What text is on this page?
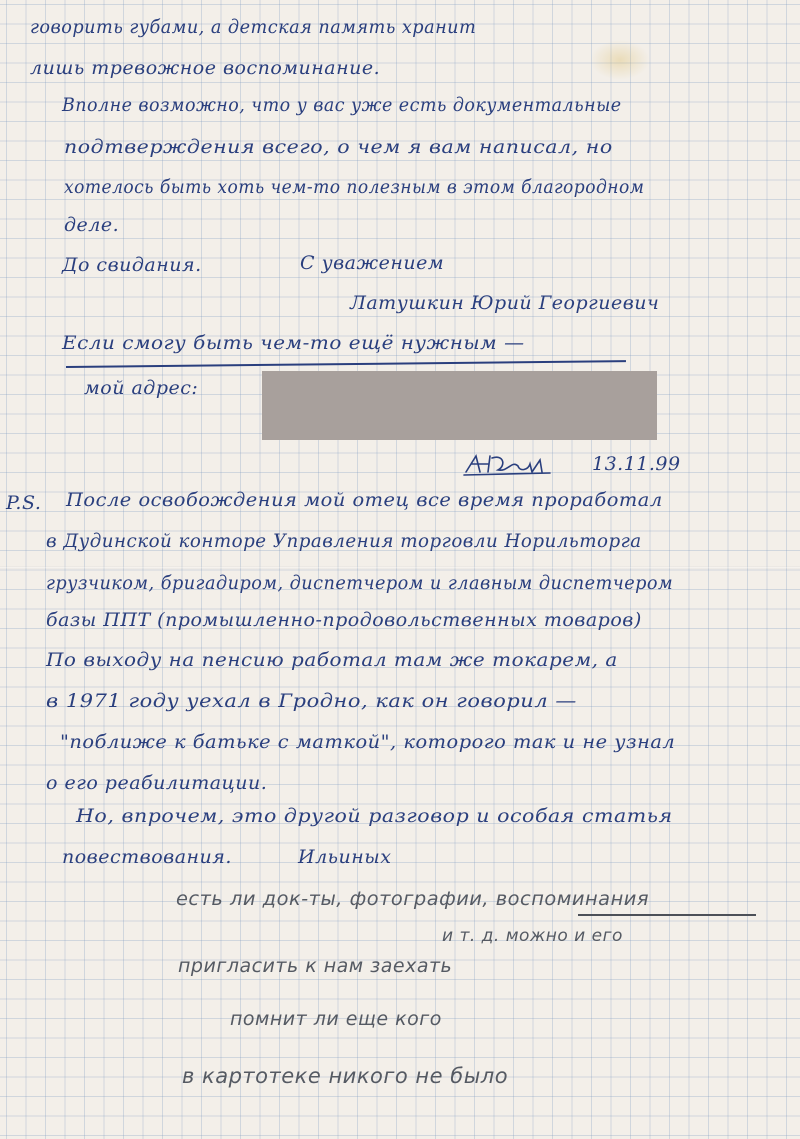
говорить губами, а детская память хранит
лишь тревожное воспоминание.
Вполне возможно, что у вас уже есть документальные
подтверждения всего, о чем я вам написал, но
хотелось быть хоть чем-то полезным в этом благородном
деле.
До свидания.	С уважением
Латушкин Юрий Георгиевич
Если смогу быть чем-то ещё нужным —
мой адрес:
13.11.99
P.S. После освобождения мой отец все время проработал
в Дудинской конторе Управления торговли Норильторга
грузчиком, бригадиром, диспетчером и главным диспетчером
базы ППТ (промышленно-продовольственных товаров)
По выходу на пенсию работал там же токарем, а
в 1971 году уехал в Гродно, как он говорил —
"поближе к батьке с маткой", которого так и не узнал
о его реабилитации.
Но, впрочем, это другой разговор и особая статья
повествования.	Ильиных
есть ли док-ты, фотографии, воспоминания
и т. д. можно и его
пригласить к нам заехать
помнит ли еще кого
в картотеке никого не было
